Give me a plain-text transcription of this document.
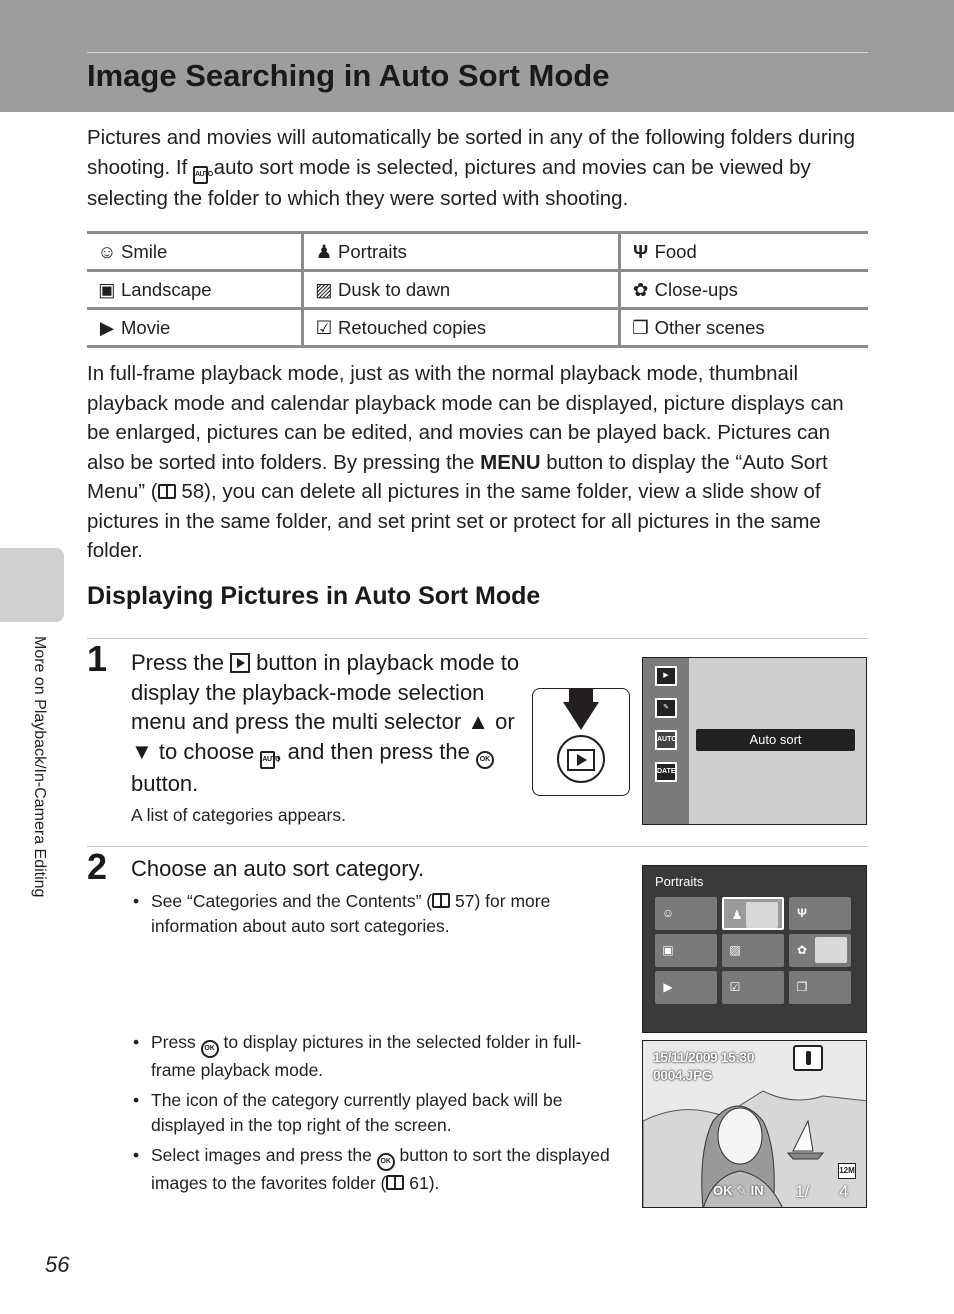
Image Searching in Auto Sort Mode

Pictures and movies will automatically be sorted in any of the following folders during shooting. If AUTO auto sort mode is selected, pictures and movies can be viewed by selecting the folder to which they were sorted with shooting.

☺ Smile	♟ Portraits	Ψ Food
▣ Landscape	▨ Dusk to dawn	✿ Close-ups
▶ Movie	☑ Retouched copies	❐ Other scenes

In full-frame playback mode, just as with the normal playback mode, thumbnail playback mode and calendar playback mode can be displayed, picture displays can be enlarged, pictures can be edited, and movies can be played back. Pictures can also be sorted into folders. By pressing the MENU button to display the “Auto Sort Menu” ( 58), you can delete all pictures in the same folder, view a slide show of pictures in the same folder, and set print set or protect for all pictures in the same folder.

More on Playback/In-Camera Editing
Displaying Pictures in Auto Sort Mode
1 Press the  button in playback mode to display the playback-mode selection menu and press the multi selector ▲ or ▼ to choose AUTO, and then press the OK button.

A list of categories appears.

▶
✎
AUTO
DATE
Auto sort
2 Choose an auto sort category.

• See “Categories and the Contents” ( 57) for more information about auto sort categories.
• Press OK to display pictures in the selected folder in full-frame playback mode.
• The icon of the category currently played back will be displayed in the top right of the screen.
• Select images and press the OK button to sort the displayed images to the favorites folder ( 61).
Portraits
☺	♟	Ψ
▣	▨	✿
▶	☑	❐
15/11/2009 15:30
0004.JPG
12M
OK ✎ IN 1/ 4
56
